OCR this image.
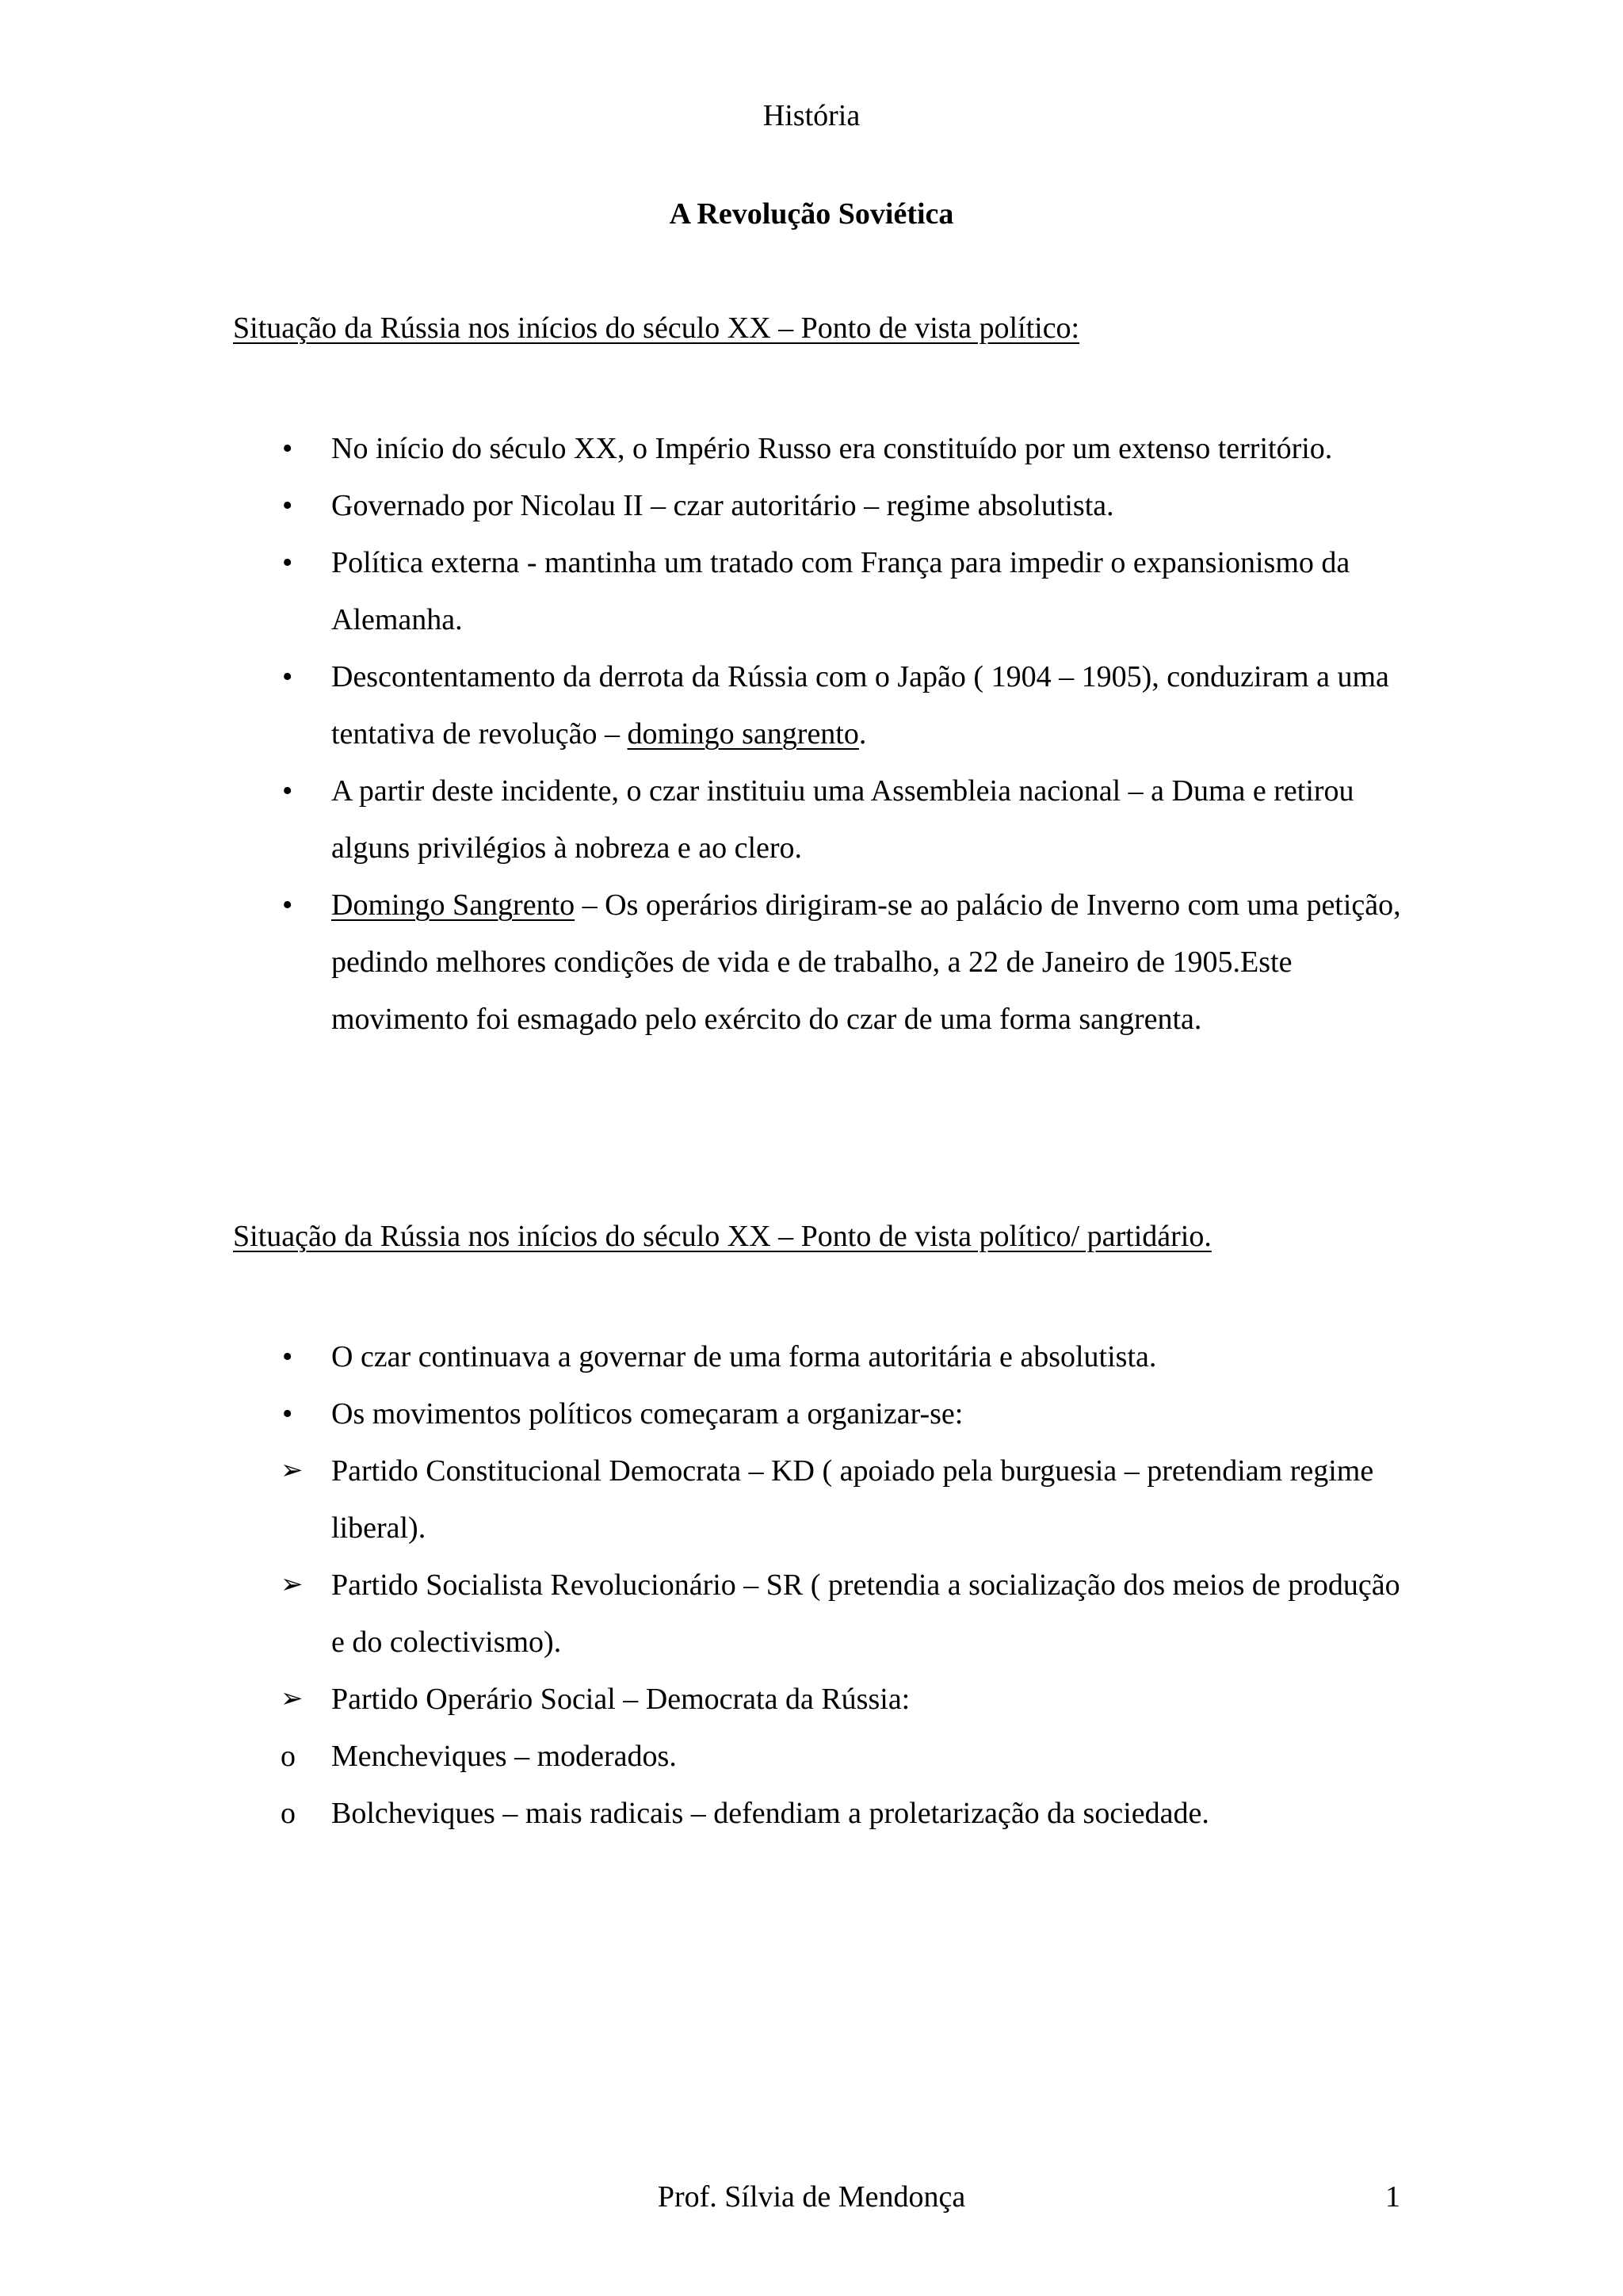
História
A Revolução Soviética
Situação da Rússia nos inícios do século XX – Ponto de vista político:
•	No início do século XX, o Império Russo era constituído por um extenso território.
•	Governado por Nicolau II – czar autoritário – regime absolutista.
•	Política externa - mantinha um tratado com França para impedir o expansionismo da Alemanha.
•	Descontentamento da derrota da Rússia com o Japão ( 1904 – 1905), conduziram a uma tentativa de revolução – domingo sangrento.
•	A partir deste incidente, o czar instituiu uma Assembleia nacional – a Duma e retirou alguns privilégios à nobreza e ao clero.
•	Domingo Sangrento – Os operários dirigiram-se ao palácio de Inverno com uma petição, pedindo melhores condições de vida e de trabalho, a 22 de Janeiro de 1905.Este movimento foi esmagado pelo exército do czar de uma forma sangrenta.
Situação da Rússia nos inícios do século XX – Ponto de vista político/ partidário.
•	O czar continuava a governar de uma forma autoritária e absolutista.
•	Os movimentos políticos começaram a organizar-se:
➢ Partido Constitucional Democrata – KD ( apoiado pela burguesia – pretendiam regime liberal).
➢ Partido Socialista Revolucionário – SR ( pretendia a socialização dos meios de produção e do colectivismo).
➢ Partido Operário Social – Democrata da Rússia:
o	Mencheviques – moderados.
o	Bolcheviques – mais radicais – defendiam a proletarização da sociedade.
Prof. Sílvia de Mendonça	1
